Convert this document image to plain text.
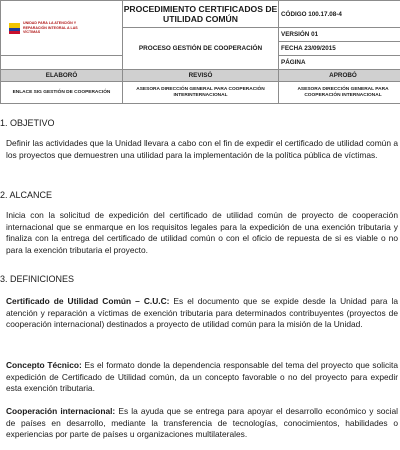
UNIDAD PARA LA ATENCIÓN Y REPARACIÓN INTEGRAL A LAS VÍCTIMAS	PROCEDIMIENTO CERTIFICADOS DE UTILIDAD COMÚN	CÓDIGO 100.17.08-4
	PROCESO GESTIÓN DE COOPERACIÓN	VERSIÓN 01
		FECHA 23/09/2015
		PÁGINA
ELABORÓ	REVISÓ	APROBÓ
ENLACE SIG GESTIÓN DE COOPERACIÓN	ASESORA DIRECCIÓN GENERAL PARA COOPERACIÓN INTERINTERNACIONAL	ASESORA DIRECCIÓN GENERAL PARA COOPERACIÓN INTERNACIONAL
1. OBJETIVO

Definir las actividades que la Unidad llevara a cabo con el fin de expedir el certificado de utilidad común a los proyectos que demuestren una utilidad para la implementación de la política pública de víctimas.

2. ALCANCE

Inicia con la solicitud de expedición del certificado de utilidad común de proyecto de cooperación internacional que se enmarque en los requisitos legales para la expedición de una exención tributaria y finaliza con la entrega del certificado de utilidad común o con el oficio de repuesta de si es viable o no para la exención tributaria el proyecto.

3. DEFINICIONES

Certificado de Utilidad Común – C.U.C: Es el documento que se expide desde la Unidad para la atención y reparación a víctimas de exención tributaria para determinados contribuyentes (proyectos de cooperación internacional) destinados a proyecto de utilidad común para la misión de la Unidad.

Concepto Técnico: Es el formato donde la dependencia responsable del tema del proyecto que solicita expedición de Certificado de Utilidad común, da un concepto favorable o no del proyecto para expedir esta exención tributaria.

Cooperación internacional: Es la ayuda que se entrega para apoyar el desarrollo económico y social de países en desarrollo, mediante la transferencia de tecnologías, conocimientos, habilidades o experiencias por parte de países u organizaciones multilaterales.
